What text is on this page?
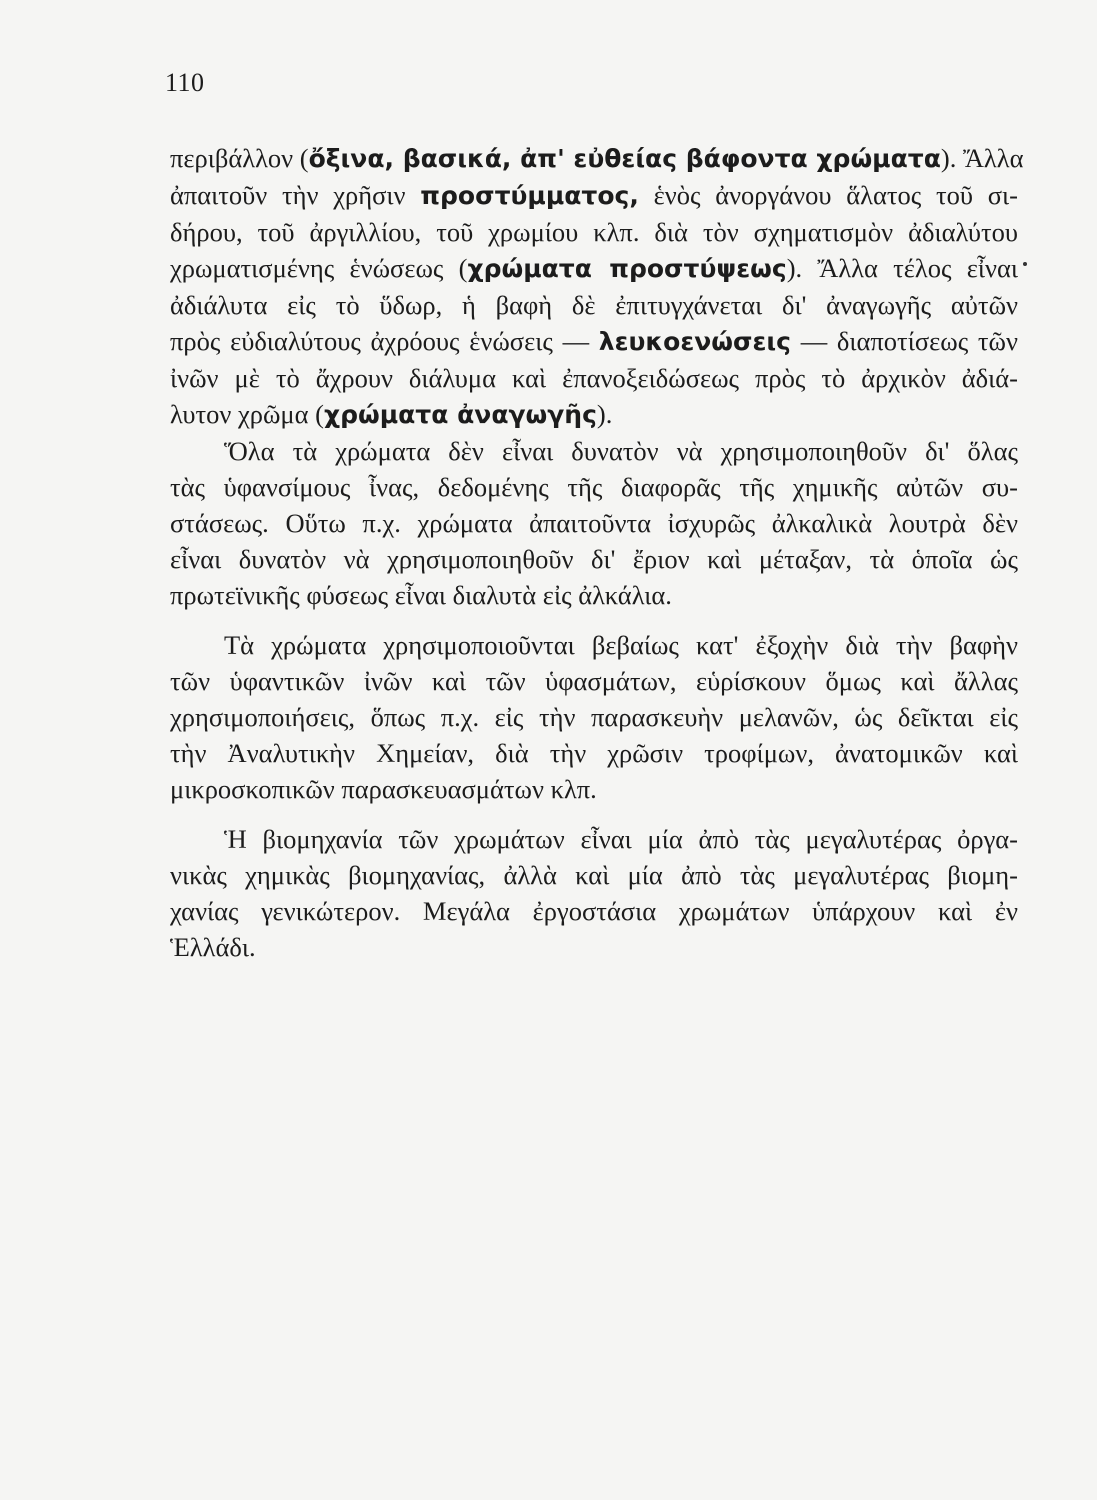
110

περιβάλλον (ὄξινα, βασικά, ἀπ' εὐθείας βάφοντα χρώματα). Ἄλλα
ἀπαιτοῦν τὴν χρῆσιν προστύμματος, ἑνὸς ἀνοργάνου ἅλατος τοῦ σι-
δήρου, τοῦ ἀργιλλίου, τοῦ χρωμίου κλπ. διὰ τὸν σχηματισμὸν ἀδιαλύτου
χρωματισμένης ἑνώσεως (χρώματα προστύψεως). Ἄλλα τέλος εἶναι
ἀδιάλυτα εἰς τὸ ὕδωρ, ἡ βαφὴ δὲ ἐπιτυγχάνεται δι' ἀναγωγῆς αὐτῶν
πρὸς εὐδιαλύτους ἀχρόους ἑνώσεις — λευκοενώσεις — διαποτίσεως τῶν
ἰνῶν μὲ τὸ ἄχρουν διάλυμα καὶ ἐπανοξειδώσεως πρὸς τὸ ἀρχικὸν ἀδιά-
λυτον χρῶμα (χρώματα ἀναγωγῆς).

Ὅλα τὰ χρώματα δὲν εἶναι δυνατὸν νὰ χρησιμοποιηθοῦν δι' ὅλας
τὰς ὑφανσίμους ἶνας, δεδομένης τῆς διαφορᾶς τῆς χημικῆς αὐτῶν συ-
στάσεως. Οὕτω π.χ. χρώματα ἀπαιτοῦντα ἰσχυρῶς ἀλκαλικὰ λουτρὰ δὲν
εἶναι δυνατὸν νὰ χρησιμοποιηθοῦν δι' ἔριον καὶ μέταξαν, τὰ ὁποῖα ὡς
πρωτεϊνικῆς φύσεως εἶναι διαλυτὰ εἰς ἀλκάλια.

Τὰ χρώματα χρησιμοποιοῦνται βεβαίως κατ' ἐξοχὴν διὰ τὴν βαφὴν
τῶν ὑφαντικῶν ἰνῶν καὶ τῶν ὑφασμάτων, εὑρίσκουν ὅμως καὶ ἄλλας
χρησιμοποιήσεις, ὅπως π.χ. εἰς τὴν παρασκευὴν μελανῶν, ὡς δεῖκται εἰς
τὴν Ἀναλυτικὴν Χημείαν, διὰ τὴν χρῶσιν τροφίμων, ἀνατομικῶν καὶ
μικροσκοπικῶν παρασκευασμάτων κλπ.

Ἡ βιομηχανία τῶν χρωμάτων εἶναι μία ἀπὸ τὰς μεγαλυτέρας ὀργα-
νικὰς χημικὰς βιομηχανίας, ἀλλὰ καὶ μία ἀπὸ τὰς μεγαλυτέρας βιομη-
χανίας γενικώτερον. Μεγάλα ἐργοστάσια χρωμάτων ὑπάρχουν καὶ ἐν
Ἑλλάδι.
